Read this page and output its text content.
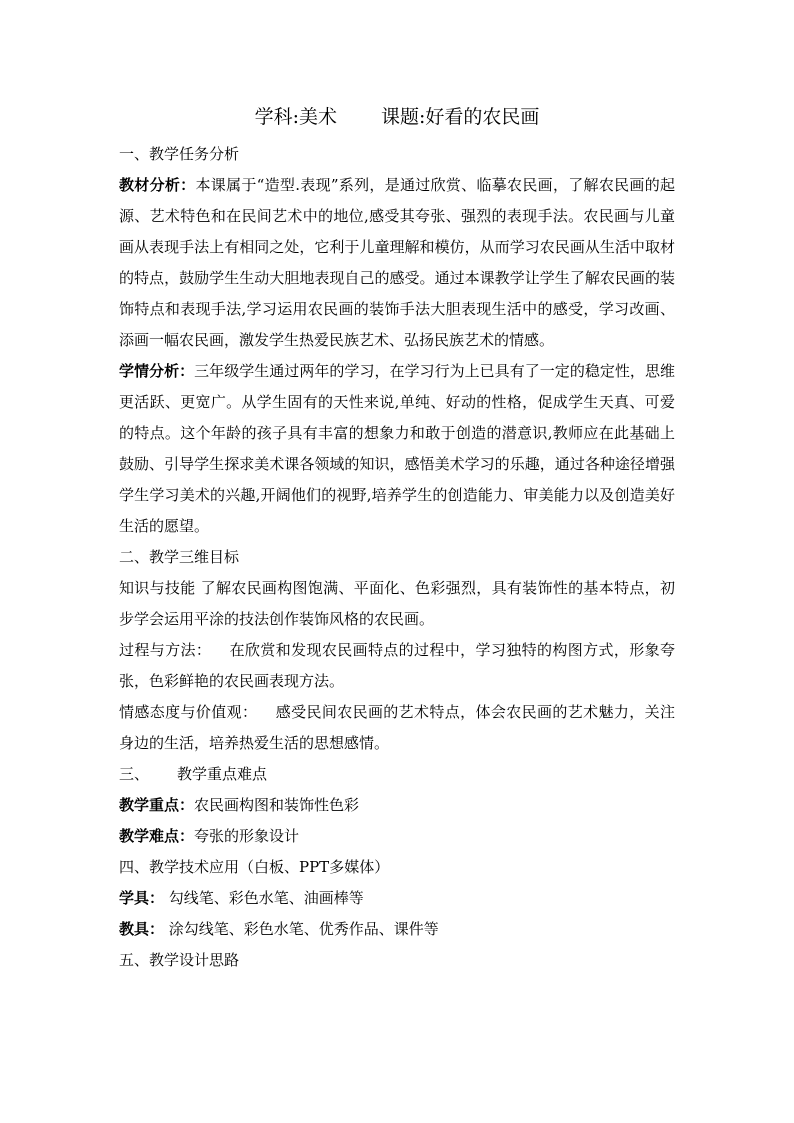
学科:美术 课题:好看的农民画

一、教学任务分析

教材分析：本课属于“造型.表现”系列，是通过欣赏、临摹农民画，了解农民画的起源、艺术特色和在民间艺术中的地位,感受其夸张、强烈的表现手法。农民画与儿童画从表现手法上有相同之处，它利于儿童理解和模仿，从而学习农民画从生活中取材的特点，鼓励学生生动大胆地表现自己的感受。通过本课教学让学生了解农民画的装饰特点和表现手法,学习运用农民画的装饰手法大胆表现生活中的感受，学习改画、添画一幅农民画，激发学生热爱民族艺术、弘扬民族艺术的情感。

学情分析：三年级学生通过两年的学习，在学习行为上已具有了一定的稳定性，思维更活跃、更宽广。从学生固有的天性来说,单纯、好动的性格，促成学生天真、可爱的特点。这个年龄的孩子具有丰富的想象力和敢于创造的潜意识,教师应在此基础上鼓励、引导学生探求美术课各领域的知识，感悟美术学习的乐趣，通过各种途径增强学生学习美术的兴趣,开阔他们的视野,培养学生的创造能力、审美能力以及创造美好生活的愿望。

二、教学三维目标

知识与技能 了解农民画构图饱满、平面化、色彩强烈，具有装饰性的基本特点，初步学会运用平涂的技法创作装饰风格的农民画。

过程与方法： 在欣赏和发现农民画特点的过程中，学习独特的构图方式，形象夸张，色彩鲜艳的农民画表现方法。

情感态度与价值观： 感受民间农民画的艺术特点，体会农民画的艺术魅力，关注身边的生活，培养热爱生活的思想感情。

三、 教学重点难点

教学重点：农民画构图和装饰性色彩

教学难点：夸张的形象设计

四、教学技术应用（白板、PPT多媒体）

学具： 勾线笔、彩色水笔、油画棒等

教具： 涂勾线笔、彩色水笔、优秀作品、课件等

五、教学设计思路
